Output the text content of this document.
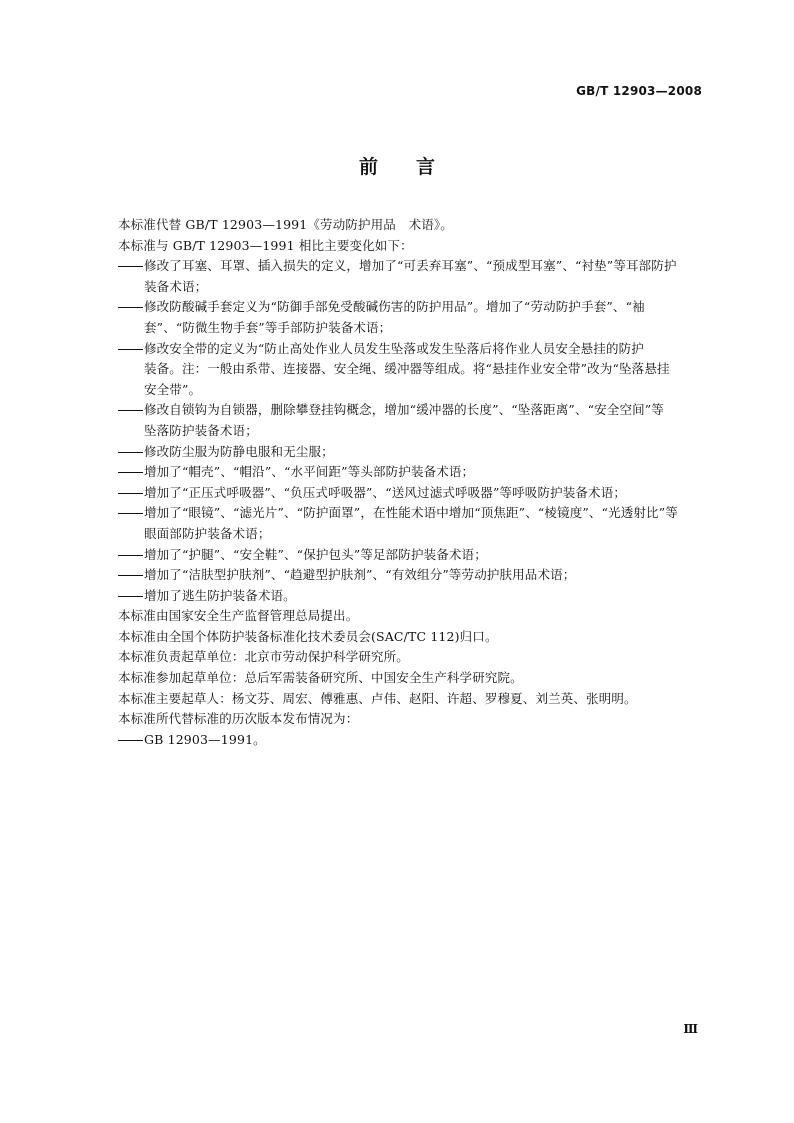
GB/T 12903—2008
前 言
本标准代替 GB/T 12903—1991《劳动防护用品　术语》。
本标准与 GB/T 12903—1991 相比主要变化如下：
修改了耳塞、耳罩、插入损失的定义，增加了“可丢弃耳塞”、“预成型耳塞”、“衬垫”等耳部防护
装备术语；
修改防酸碱手套定义为“防御手部免受酸碱伤害的防护用品”。增加了“劳动防护手套”、“袖
套”、“防微生物手套”等手部防护装备术语；
修改安全带的定义为“防止高处作业人员发生坠落或发生坠落后将作业人员安全悬挂的防护
装备。注：一般由系带、连接器、安全绳、缓冲器等组成。将“悬挂作业安全带”改为“坠落悬挂
安全带”。
修改自锁钩为自锁器，删除攀登挂钩概念，增加“缓冲器的长度”、“坠落距离”、“安全空间”等
坠落防护装备术语；
修改防尘服为防静电服和无尘服；
增加了“帽壳”、“帽沿”、“水平间距”等头部防护装备术语；
增加了“正压式呼吸器”、“负压式呼吸器”、“送风过滤式呼吸器”等呼吸防护装备术语；
增加了“眼镜”、“滤光片”、“防护面罩”，在性能术语中增加“顶焦距”、“棱镜度”、“光透射比”等
眼面部防护装备术语；
增加了“护腿”、“安全鞋”、“保护包头”等足部防护装备术语；
增加了“洁肤型护肤剂”、“趋避型护肤剂”、“有效组分”等劳动护肤用品术语；
增加了逃生防护装备术语。
本标准由国家安全生产监督管理总局提出。
本标准由全国个体防护装备标准化技术委员会(SAC/TC 112)归口。
本标准负责起草单位：北京市劳动保护科学研究所。
本标准参加起草单位：总后军需装备研究所、中国安全生产科学研究院。
本标准主要起草人：杨文芬、周宏、傅雅惠、卢伟、赵阳、许超、罗穆夏、刘兰英、张明明。
本标准所代替标准的历次版本发布情况为：
GB 12903—1991。
Ⅲ
